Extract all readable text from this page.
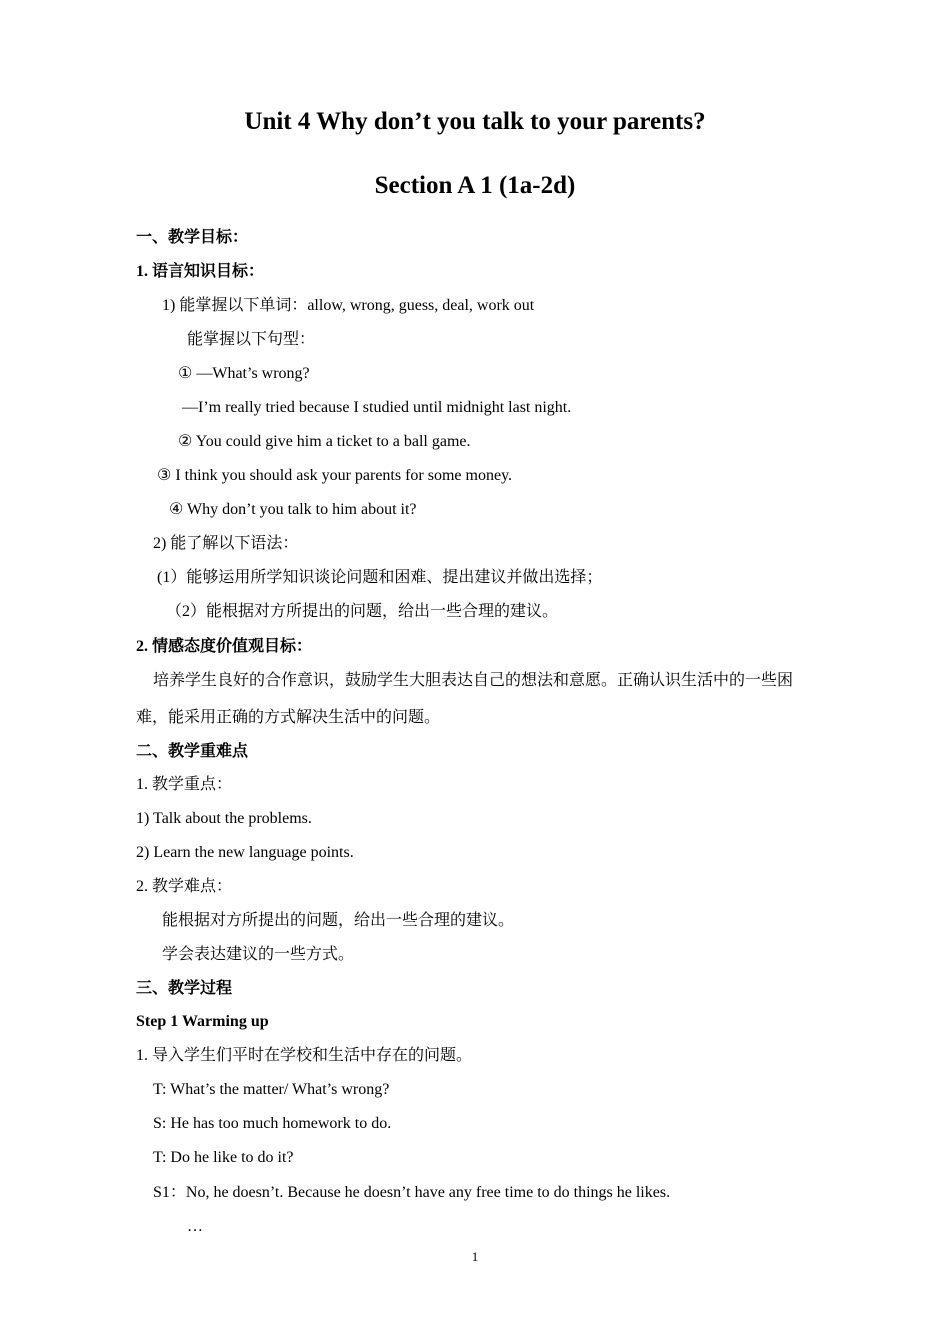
Unit 4 Why don’t you talk to your parents?
Section A 1 (1a-2d)
一、教学目标：
1. 语言知识目标：
1) 能掌握以下单词：allow, wrong, guess, deal, work out
能掌握以下句型：
① —What’s wrong?
—I’m really tried because I studied until midnight last night.
② You could give him a ticket to a ball game.
③ I think you should ask your parents for some money.
④ Why don’t you talk to him about it?
2) 能了解以下语法：
(1）能够运用所学知识谈论问题和困难、提出建议并做出选择；
（2）能根据对方所提出的问题，给出一些合理的建议。
2. 情感态度价值观目标：
培养学生良好的合作意识，鼓励学生大胆表达自己的想法和意愿。正确认识生活中的一些困
难，能采用正确的方式解决生活中的问题。
二、教学重难点
1. 教学重点：
1) Talk about the problems.
2) Learn the new language points.
2. 教学难点：
能根据对方所提出的问题，给出一些合理的建议。
学会表达建议的一些方式。
三、教学过程
Step 1 Warming up
1. 导入学生们平时在学校和生活中存在的问题。
T: What’s the matter/ What’s wrong?
S: He has too much homework to do.
T: Do he like to do it?
S1：No, he doesn’t. Because he doesn’t have any free time to do things he likes.
…
1
